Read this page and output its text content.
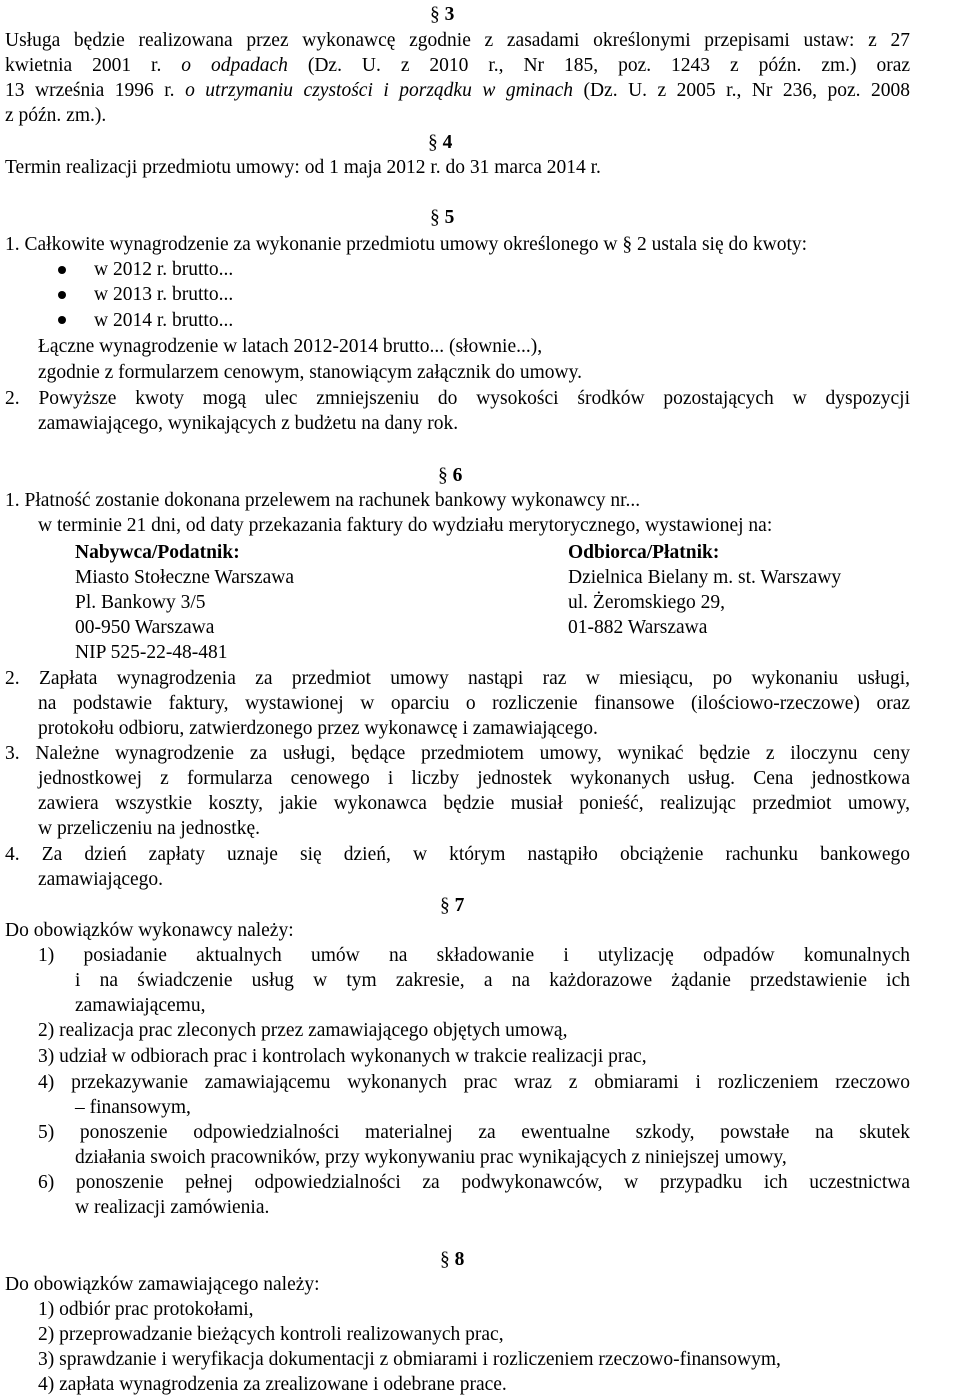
§ 3
Usługa będzie realizowana przez wykonawcę zgodnie z zasadami określonymi przepisami ustaw: z 27
kwietnia 2001 r. o odpadach (Dz. U. z 2010 r., Nr 185, poz. 1243 z późn. zm.) oraz
13 września 1996 r. o utrzymaniu czystości i porządku w gminach (Dz. U. z 2005 r., Nr 236, poz. 2008
z późn. zm.).
§ 4
Termin realizacji przedmiotu umowy: od 1 maja 2012 r. do 31 marca 2014 r.
§ 5
1. Całkowite wynagrodzenie za wykonanie przedmiotu umowy określonego w § 2 ustala się do kwoty:
w 2012 r. brutto...
w 2013 r. brutto...
w 2014 r. brutto...
Łączne wynagrodzenie w latach 2012-2014 brutto... (słownie...),
zgodnie z formularzem cenowym, stanowiącym załącznik do umowy.
2. Powyższe kwoty mogą ulec zmniejszeniu do wysokości środków pozostających w dyspozycji
zamawiającego, wynikających z budżetu na dany rok.
§ 6
1. Płatność zostanie dokonana przelewem na rachunek bankowy wykonawcy nr...
w terminie 21 dni, od daty przekazania faktury do wydziału merytorycznego, wystawionej na:
Nabywca/Podatnik:
Miasto Stołeczne Warszawa
Pl. Bankowy 3/5
00-950 Warszawa
NIP 525-22-48-481
Odbiorca/Płatnik:
Dzielnica Bielany m. st. Warszawy
ul. Żeromskiego 29,
01-882 Warszawa
2. Zapłata wynagrodzenia za przedmiot umowy nastąpi raz w miesiącu, po wykonaniu usługi,
na podstawie faktury, wystawionej w oparciu o rozliczenie finansowe (ilościowo-rzeczowe) oraz
protokołu odbioru, zatwierdzonego przez wykonawcę i zamawiającego.
3. Należne wynagrodzenie za usługi, będące przedmiotem umowy, wynikać będzie z iloczynu ceny
jednostkowej z formularza cenowego i liczby jednostek wykonanych usług. Cena jednostkowa
zawiera wszystkie koszty, jakie wykonawca będzie musiał ponieść, realizując przedmiot umowy,
w przeliczeniu na jednostkę.
4. Za dzień zapłaty uznaje się dzień, w którym nastąpiło obciążenie rachunku bankowego
zamawiającego.
§ 7
Do obowiązków wykonawcy należy:
1) posiadanie aktualnych umów na składowanie i utylizację odpadów komunalnych
i na świadczenie usług w tym zakresie, a na każdorazowe żądanie przedstawienie ich
zamawiającemu,
2) realizacja prac zleconych przez zamawiającego objętych umową,
3) udział w odbiorach prac i kontrolach wykonanych w trakcie realizacji prac,
4) przekazywanie zamawiającemu wykonanych prac wraz z obmiarami i rozliczeniem rzeczowo
– finansowym,
5) ponoszenie odpowiedzialności materialnej za ewentualne szkody, powstałe na skutek
działania swoich pracowników, przy wykonywaniu prac wynikających z niniejszej umowy,
6) ponoszenie pełnej odpowiedzialności za podwykonawców, w przypadku ich uczestnictwa
w realizacji zamówienia.
§ 8
Do obowiązków zamawiającego należy:
1) odbiór prac protokołami,
2) przeprowadzanie bieżących kontroli realizowanych prac,
3) sprawdzanie i weryfikacja dokumentacji z obmiarami i rozliczeniem rzeczowo-finansowym,
4) zapłata wynagrodzenia za zrealizowane i odebrane prace.
